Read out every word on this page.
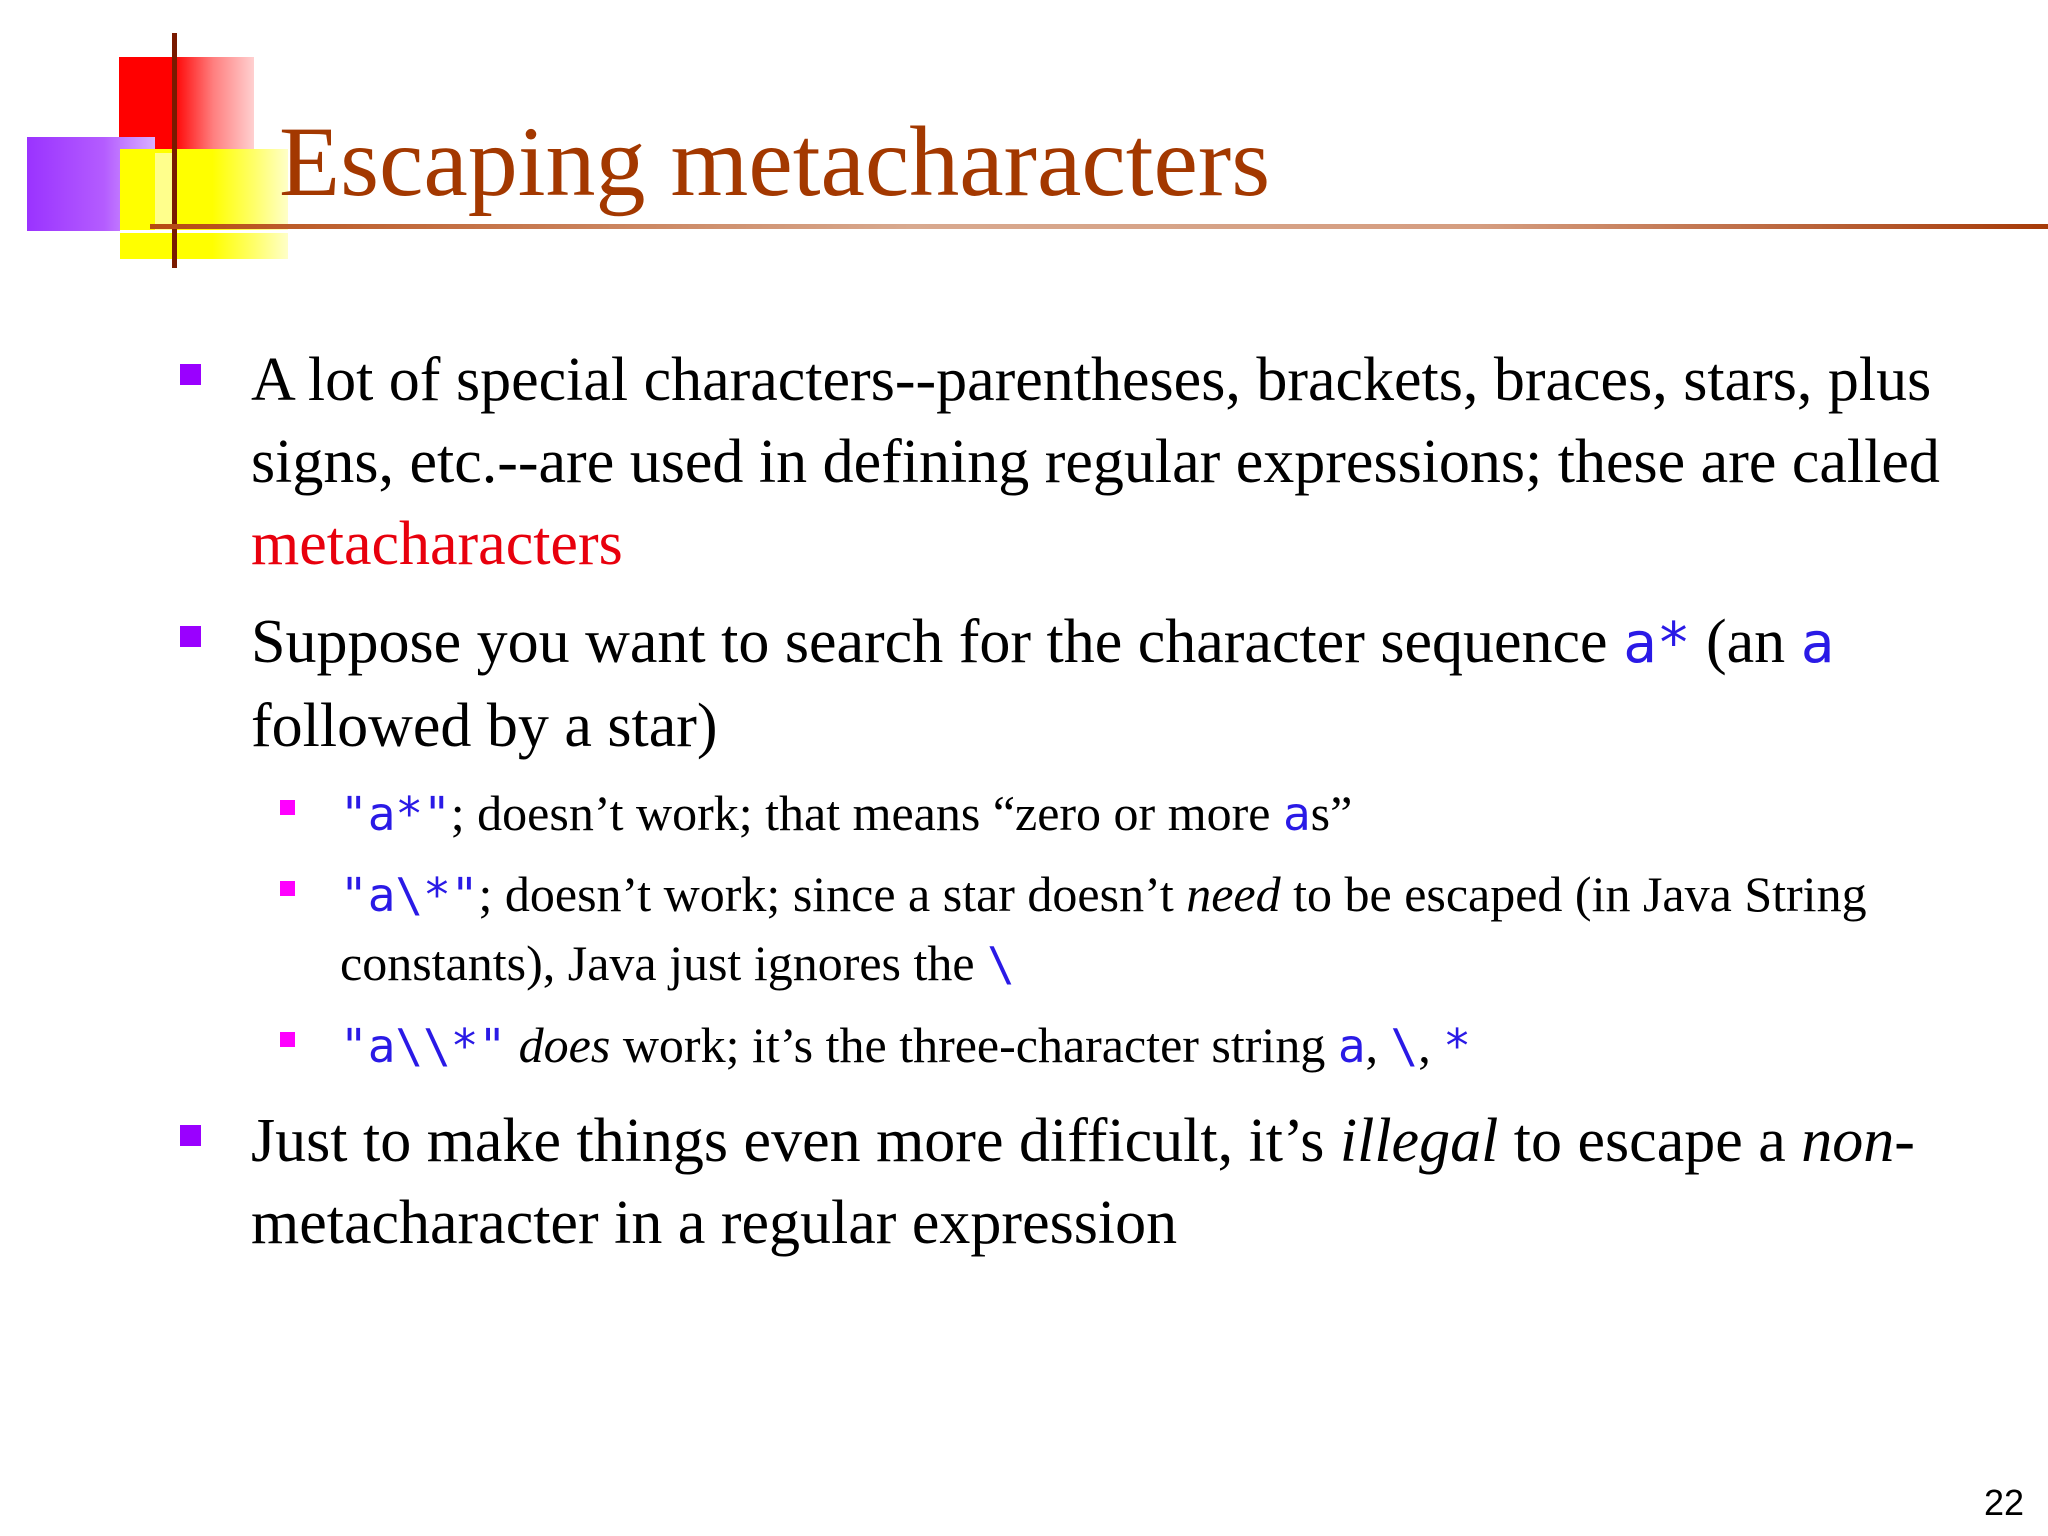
Escaping metacharacters
A lot of special characters--parentheses, brackets, braces, stars, plus signs, etc.--are used in defining regular expressions; these are called metacharacters
Suppose you want to search for the character sequence a* (an a followed by a star)
"a*"; doesn’t work; that means “zero or more as”
"a\*"; doesn’t work; since a star doesn’t need to be escaped (in Java String constants), Java just ignores the \
"a\\*" does work; it’s the three-character string a, \, *
Just to make things even more difficult, it’s illegal to escape a non-metacharacter in a regular expression
22
